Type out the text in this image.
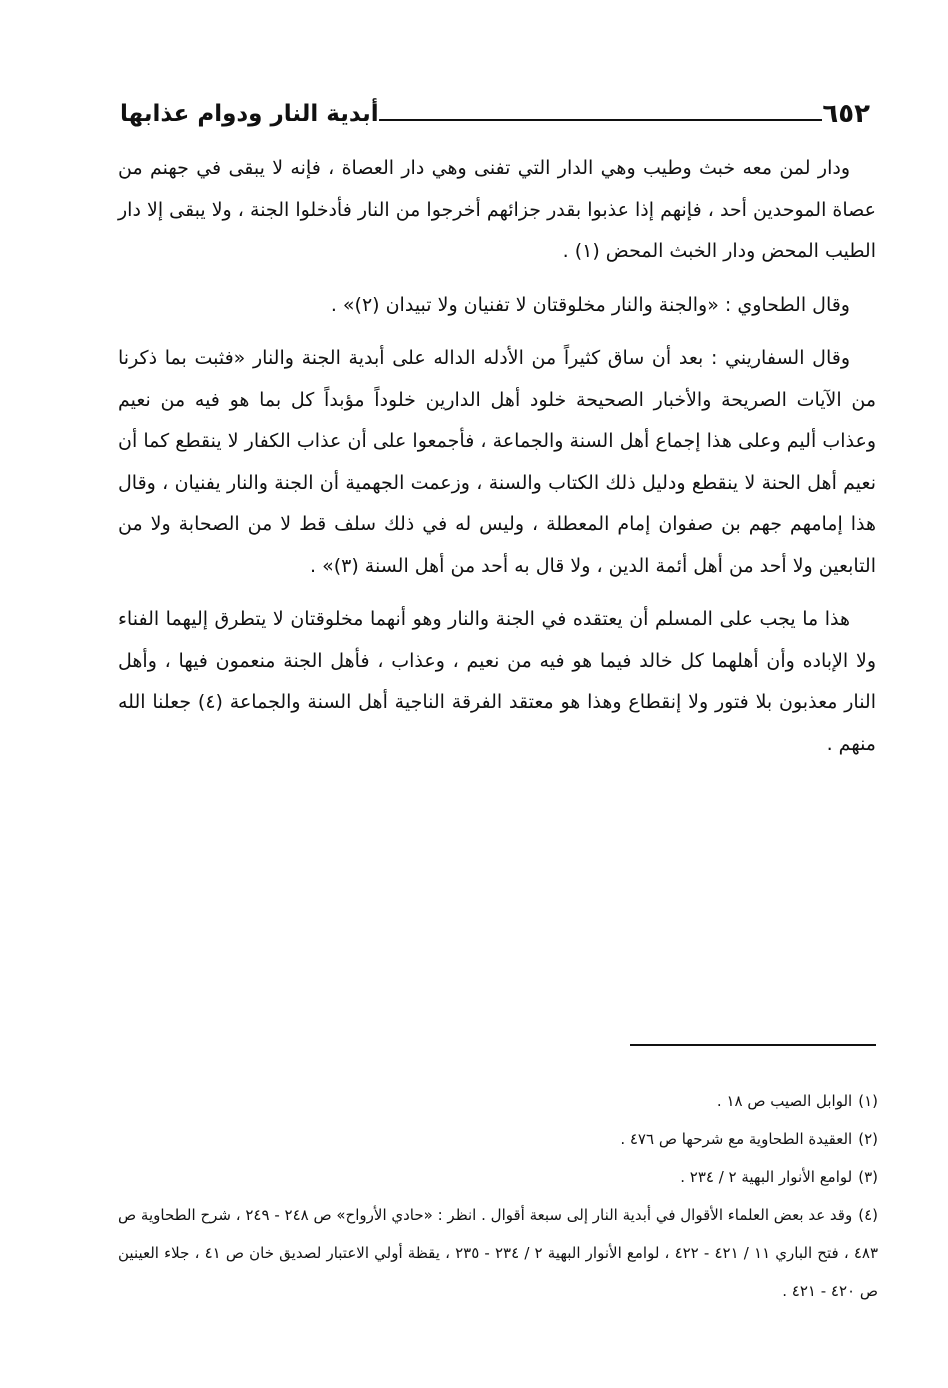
٦٥٢
أبدية النار ودوام عذابها

ودار لمن معه خبث وطيب وهي الدار التي تفنى وهي دار العصاة ، فإنه لا يبقى في جهنم من عصاة الموحدين أحد ، فإنهم إذا عذبوا بقدر جزائهم أخرجوا من النار فأدخلوا الجنة ، ولا يبقى إلا دار الطيب المحض ودار الخبث المحض (١) .

وقال الطحاوي : «والجنة والنار مخلوقتان لا تفنيان ولا تبيدان (٢)» .

وقال السفاريني : بعد أن ساق كثيراً من الأدله الداله على أبدية الجنة والنار «فثبت بما ذكرنا من الآيات الصريحة والأخبار الصحيحة خلود أهل الدارين خلوداً مؤبداً كل بما هو فيه من نعيم وعذاب أليم وعلى هذا إجماع أهل السنة والجماعة ، فأجمعوا على أن عذاب الكفار لا ينقطع كما أن نعيم أهل الحنة لا ينقطع ودليل ذلك الكتاب والسنة ، وزعمت الجهمية أن الجنة والنار يفنيان ، وقال هذا إمامهم جهم بن صفوان إمام المعطلة ، وليس له في ذلك سلف قط لا من الصحابة ولا من التابعين ولا أحد من أهل أئمة الدين ، ولا قال به أحد من أهل السنة (٣)» .

هذا ما يجب على المسلم أن يعتقده في الجنة والنار وهو أنهما مخلوقتان لا يتطرق إليهما الفناء ولا الإباده وأن أهلهما كل خالد فيما هو فيه من نعيم ، وعذاب ، فأهل الجنة منعمون فيها ، وأهل النار معذبون بلا فتور ولا إنقطاع وهذا هو معتقد الفرقة الناجية أهل السنة والجماعة (٤) جعلنا الله منهم .

(١)الوابل الصيب ص ١٨ .

(٢)العقيدة الطحاوية مع شرحها ص ٤٧٦ .

(٣)لوامع الأنوار البهية ٢ / ٢٣٤ .

(٤)وقد عد بعض العلماء الأقوال في أبدية النار إلى سبعة أقوال . انظر : «حادي الأرواح» ص ٢٤٨ - ٢٤٩ ، شرح الطحاوية ص ٤٨٣ ، فتح الباري ١١ / ٤٢١ - ٤٢٢ ، لوامع الأنوار البهية ٢ / ٢٣٤ - ٢٣٥ ، يقظة أولي الاعتبار لصديق خان ص ٤١ ، جلاء العينين ص ٤٢٠ - ٤٢١ .
